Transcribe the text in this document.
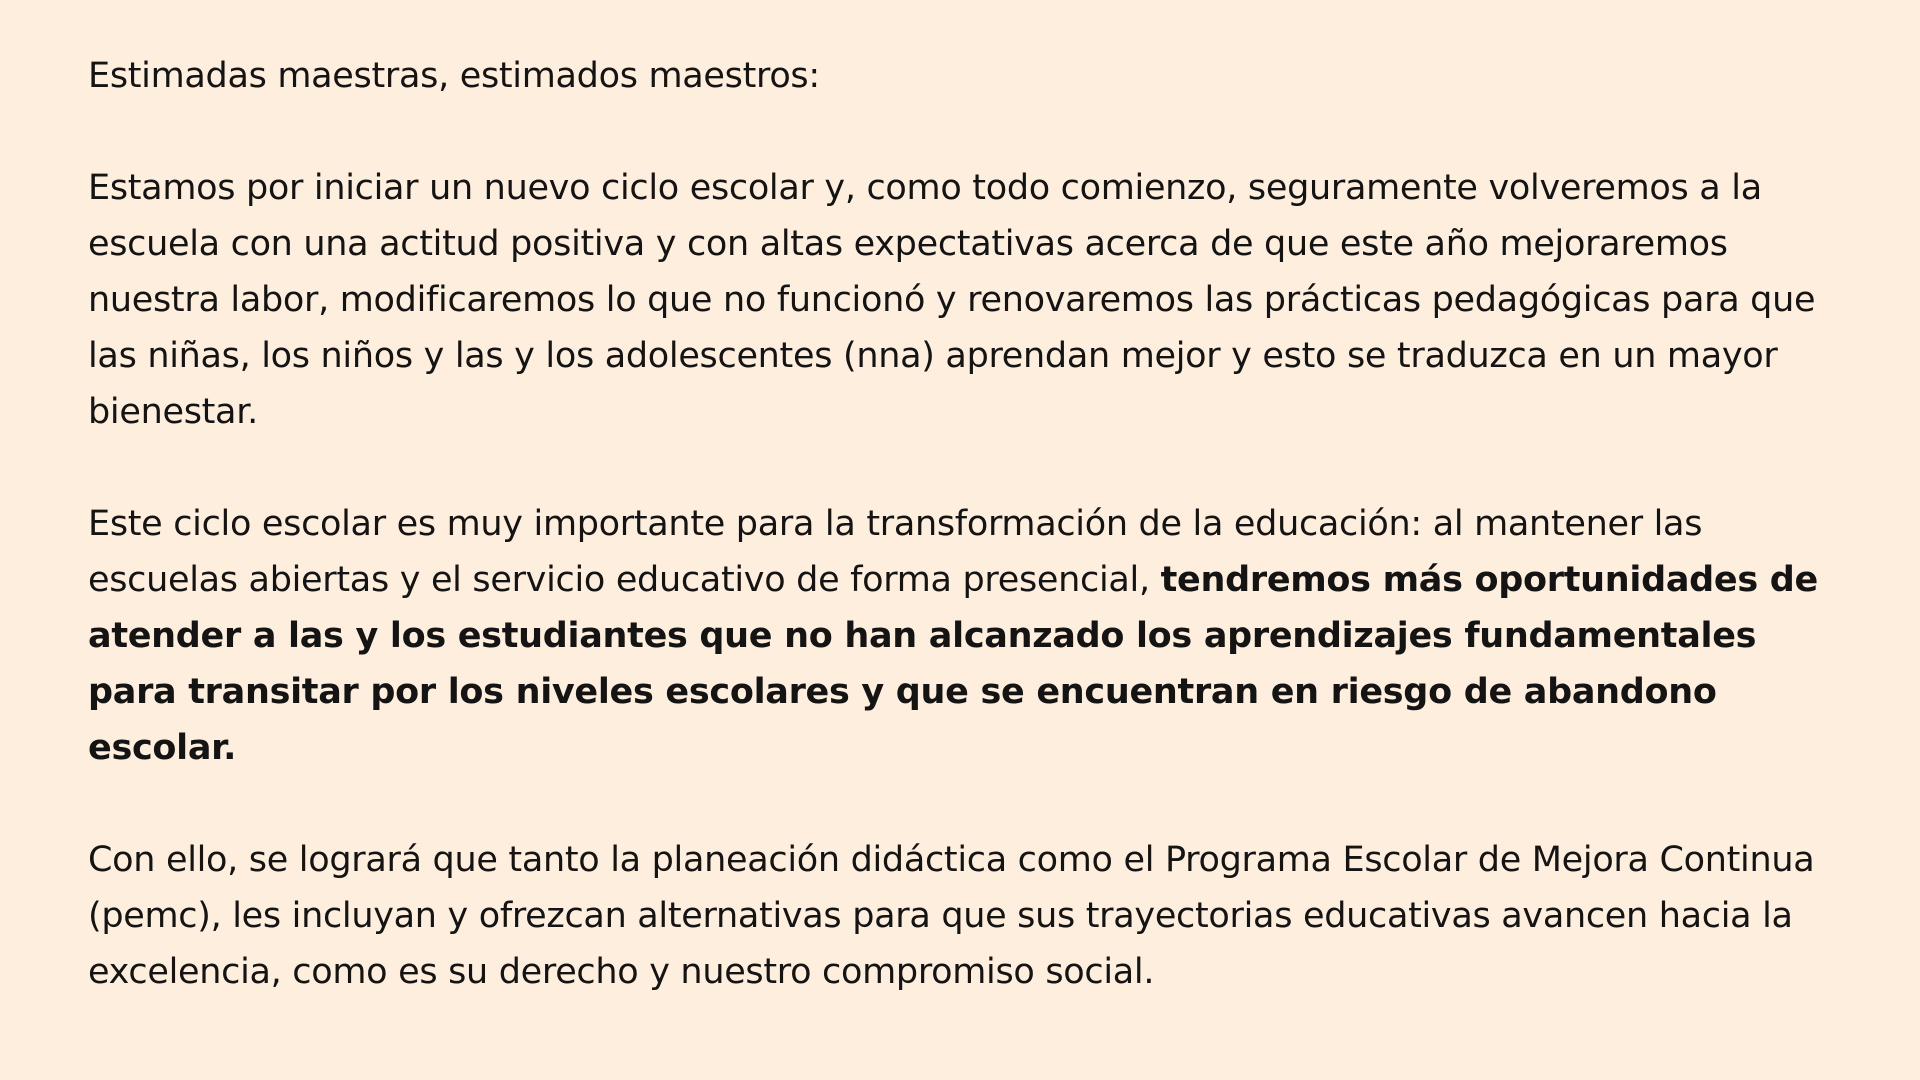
Estimadas maestras, estimados maestros:

Estamos por iniciar un nuevo ciclo escolar y, como todo comienzo, seguramente volveremos a la escuela con una actitud positiva y con altas expectativas acerca de que este año mejoraremos nuestra labor, modificaremos lo que no funcionó y renovaremos las prácticas pedagógicas para que las niñas, los niños y las y los adolescentes (nna) aprendan mejor y esto se traduzca en un mayor bienestar.

Este ciclo escolar es muy importante para la transformación de la educación: al mantener las escuelas abiertas y el servicio educativo de forma presencial, tendremos más oportunidades de atender a las y los estudiantes que no han alcanzado los aprendizajes fundamentales para transitar por los niveles escolares y que se encuentran en riesgo de abandono escolar.

Con ello, se logrará que tanto la planeación didáctica como el Programa Escolar de Mejora Continua (pemc), les incluyan y ofrezcan alternativas para que sus trayectorias educativas avancen hacia la excelencia, como es su derecho y nuestro compromiso social.
